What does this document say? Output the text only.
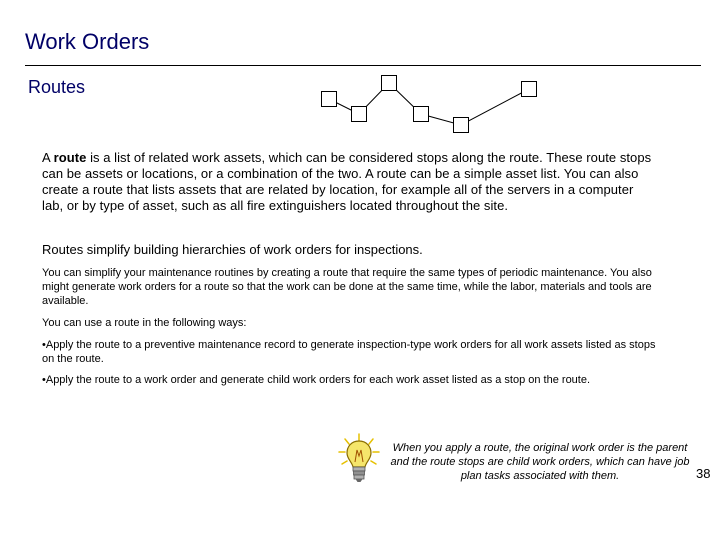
Work Orders
Routes
A route is a list of related work assets, which can be considered stops along the route. These route stops can be assets or locations, or a combination of the two. A route can be a simple asset list. You can also create a route that lists assets that are related by location, for example all of the servers in a computer lab, or by type of asset, such as all fire extinguishers located throughout the site.
Routes simplify building hierarchies of work orders for inspections.
You can simplify your maintenance routines by creating a route that require the same types of periodic maintenance. You also might generate work orders for a route so that the work can be done at the same time, while the labor, materials and tools are available.
You can use a route in the following ways:
•Apply the route to a preventive maintenance record to generate inspection-type work orders for all work assets listed as stops on the route.
•Apply the route to a work order and generate child work orders for each work asset listed as a stop on the route.
When you apply a route, the original work order is the parent and the route stops are child work orders, which can have job plan tasks associated with them.	38
